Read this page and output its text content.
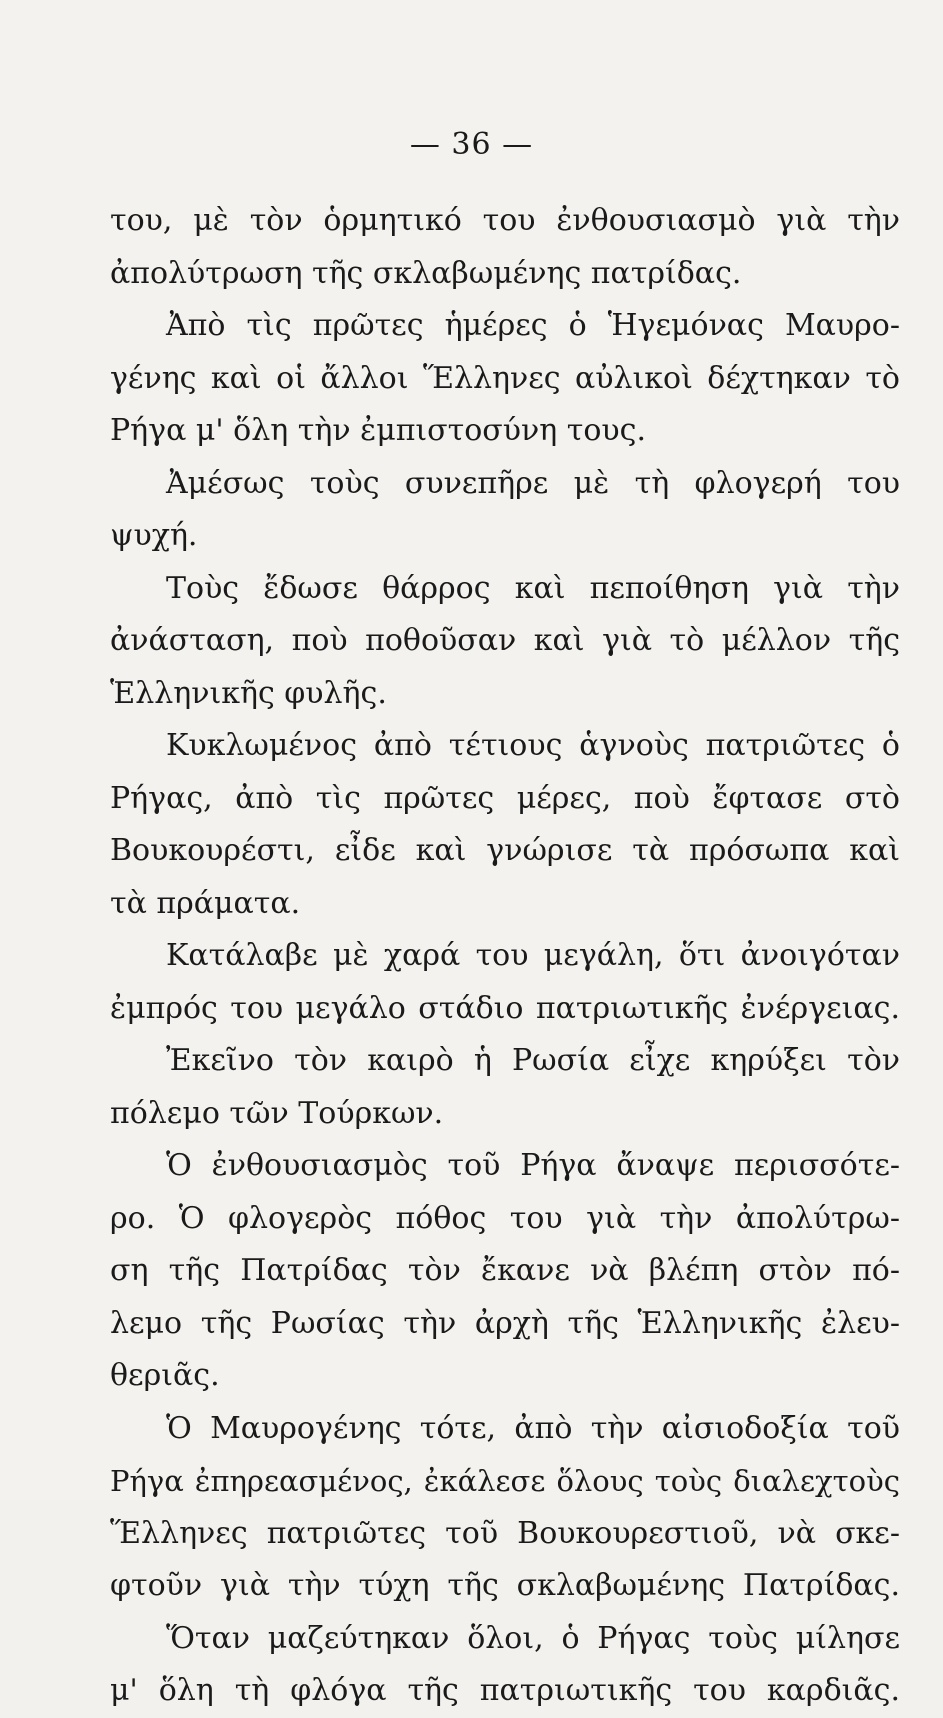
— 36 —
του, μὲ τὸν ὁρμητικό του ἐνθουσιασμὸ γιὰ τὴν
ἀπολύτρωση τῆς σκλαβωμένης πατρίδας.
Ἀπὸ τὶς πρῶτες ἡμέρες ὁ Ἡγεμόνας Μαυρο-
γένης καὶ οἱ ἄλλοι Ἕλληνες αὐλικοὶ δέχτηκαν τὸ
Ρήγα μ' ὅλη τὴν ἐμπιστοσύνη τους.
Ἀμέσως τοὺς συνεπῆρε μὲ τὴ φλογερή του
ψυχή.
Τοὺς ἔδωσε θάρρος καὶ πεποίθηση γιὰ τὴν
ἀνάσταση, ποὺ ποθοῦσαν καὶ γιὰ τὸ μέλλον τῆς
Ἑλληνικῆς φυλῆς.
Κυκλωμένος ἀπὸ τέτιους ἁγνοὺς πατριῶτες ὁ
Ρήγας, ἀπὸ τὶς πρῶτες μέρες, ποὺ ἔφτασε στὸ
Βουκουρέστι, εἶδε καὶ γνώρισε τὰ πρόσωπα καὶ
τὰ πράματα.
Κατάλαβε μὲ χαρά του μεγάλη, ὅτι ἀνοιγόταν
ἐμπρός του μεγάλο στάδιο πατριωτικῆς ἐνέργειας.
Ἐκεῖνο τὸν καιρὸ ἡ Ρωσία εἶχε κηρύξει τὸν
πόλεμο τῶν Τούρκων.
Ὁ ἐνθουσιασμὸς τοῦ Ρήγα ἄναψε περισσότε-
ρο. Ὁ φλογερὸς πόθος του γιὰ τὴν ἀπολύτρω-
ση τῆς Πατρίδας τὸν ἔκανε νὰ βλέπη στὸν πό-
λεμο τῆς Ρωσίας τὴν ἀρχὴ τῆς Ἑλληνικῆς ἐλευ-
θεριᾶς.
Ὁ Μαυρογένης τότε, ἀπὸ τὴν αἰσιοδοξία τοῦ
Ρήγα ἐπηρεασμένος, ἐκάλεσε ὅλους τοὺς διαλεχτοὺς
Ἕλληνες πατριῶτες τοῦ Βουκουρεστιοῦ, νὰ σκε-
φτοῦν γιὰ τὴν τύχη τῆς σκλαβωμένης Πατρίδας.
Ὅταν μαζεύτηκαν ὅλοι, ὁ Ρήγας τοὺς μίλησε
μ' ὅλη τὴ φλόγα τῆς πατριωτικῆς του καρδιᾶς.
